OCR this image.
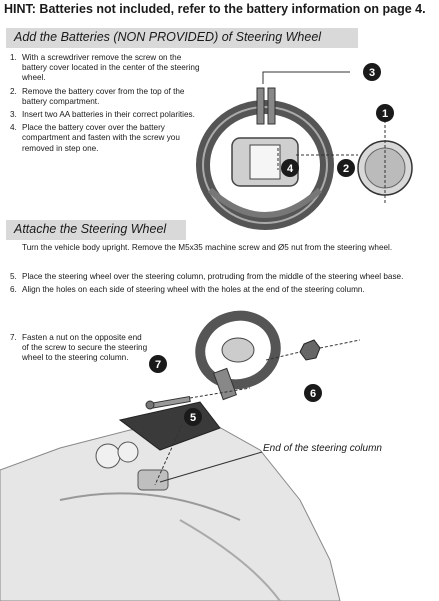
HINT: Batteries not included, refer to the battery information on page 4.
Add the Batteries (NON PROVIDED) of Steering Wheel
1. With a screwdriver remove the screw on the battery cover located in the center of the steering wheel.
2. Remove the battery cover from the top of the battery compartment.
3. Insert two AA batteries in their correct polarities.
4. Place the battery cover over the battery compartment and fasten with the screw you removed in step one.
Attache the Steering Wheel
Turn the vehicle body upright. Remove the M5x35 machine screw and Ø5 nut from the steering wheel.
5. Place the steering wheel over the steering column, protruding from the middle of the steering wheel base.
6. Align the holes on each side of steering wheel with the holes at the end of the steering column.
7. Fasten a nut on the opposite end of the screw to secure the steering wheel to the steering column.
End of the steering column
1
2
3
4
5
6
7
